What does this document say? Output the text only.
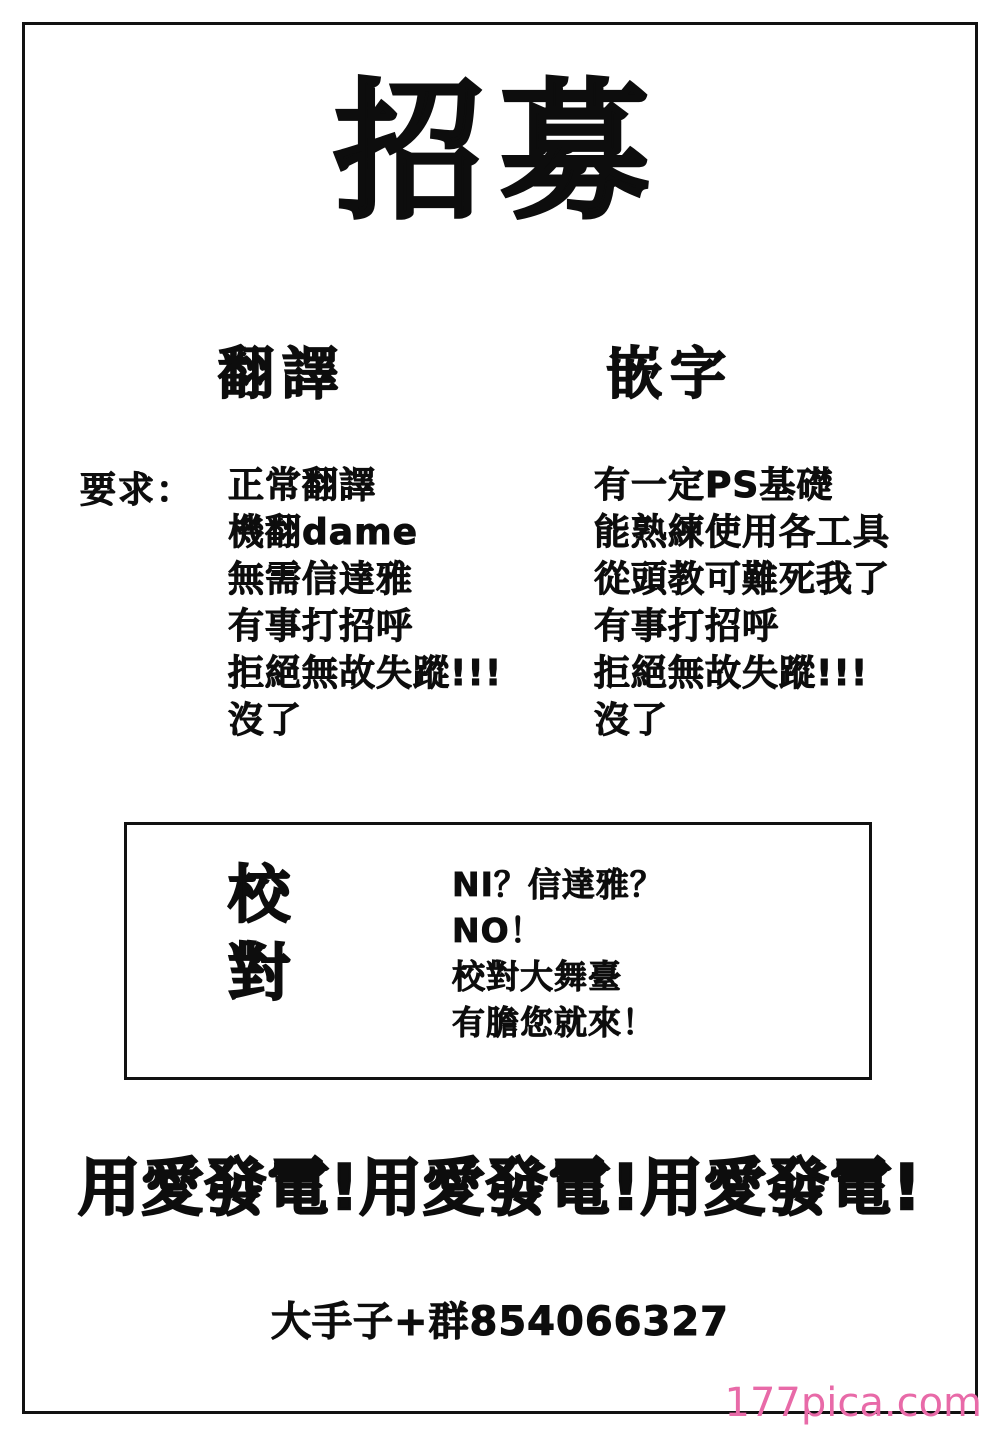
招募
翻譯	嵌字
要求： 正常翻譯
機翻dame
無需信達雅
有事打招呼
拒絕無故失蹤!!!
沒了
有一定PS基礎
能熟練使用各工具
從頭教可難死我了
有事打招呼
拒絕無故失蹤!!!
沒了
校
對
NI？信達雅？
NO！
校對大舞臺
有膽您就來！
用愛發電!用愛發電!用愛發電!
大手子+群854066327
177pica.com
